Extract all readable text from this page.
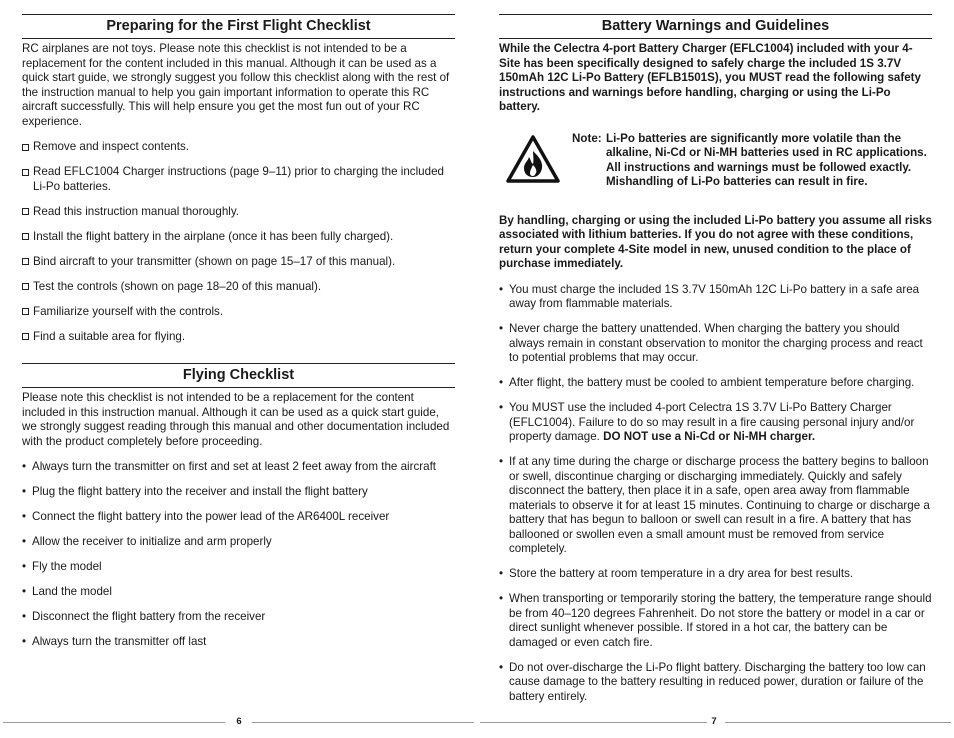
Preparing for the First Flight Checklist

RC airplanes are not toys. Please note this checklist is not intended to be a replacement for the content included in this manual. Although it can be used as a quick start guide, we strongly suggest you follow this checklist along with the rest of the instruction manual to help you gain important information to operate this RC aircraft successfully. This will help ensure you get the most fun out of your RC experience.

Remove and inspect contents.
Read EFLC1004 Charger instructions (page 9–11) prior to charging the included Li-Po batteries.
Read this instruction manual thoroughly.
Install the flight battery in the airplane (once it has been fully charged).
Bind aircraft to your transmitter (shown on page 15–17 of this manual).
Test the controls (shown on page 18–20 of this manual).
Familiarize yourself with the controls.
Find a suitable area for flying.
Flying Checklist

Please note this checklist is not intended to be a replacement for the content included in this instruction manual. Although it can be used as a quick start guide, we strongly suggest reading through this manual and other documentation included with the product completely before proceeding.

• Always turn the transmitter on first and set at least 2 feet away from the aircraft
• Plug the flight battery into the receiver and install the flight battery
• Connect the flight battery into the power lead of the AR6400L receiver
• Allow the receiver to initialize and arm properly
• Fly the model
• Land the model
• Disconnect the flight battery from the receiver
• Always turn the transmitter off last
Battery Warnings and Guidelines

While the Celectra 4-port Battery Charger (EFLC1004) included with your 4-Site has been specifically designed to safely charge the included 1S 3.7V 150mAh 12C Li-Po Battery (EFLB1501S), you MUST read the following safety instructions and warnings before handling, charging or using the Li-Po battery.

Note: Li-Po batteries are significantly more volatile than the alkaline, Ni-Cd or Ni-MH batteries used in RC applications. All instructions and warnings must be followed exactly. Mishandling of Li-Po batteries can result in fire.

By handling, charging or using the included Li-Po battery you assume all risks associated with lithium batteries. If you do not agree with these conditions, return your complete 4-Site model in new, unused condition to the place of purchase immediately.

• You must charge the included 1S 3.7V 150mAh 12C Li-Po battery in a safe area away from flammable materials.
• Never charge the battery unattended. When charging the battery you should always remain in constant observation to monitor the charging process and react to potential problems that may occur.
• After flight, the battery must be cooled to ambient temperature before charging.
• You MUST use the included 4-port Celectra 1S 3.7V Li-Po Battery Charger (EFLC1004). Failure to do so may result in a fire causing personal injury and/or property damage. DO NOT use a Ni-Cd or Ni-MH charger.
• If at any time during the charge or discharge process the battery begins to balloon or swell, discontinue charging or discharging immediately. Quickly and safely disconnect the battery, then place it in a safe, open area away from flammable materials to observe it for at least 15 minutes. Continuing to charge or discharge a battery that has begun to balloon or swell can result in a fire. A battery that has ballooned or swollen even a small amount must be removed from service completely.
• Store the battery at room temperature in a dry area for best results.
• When transporting or temporarily storing the battery, the temperature range should be from 40–120 degrees Fahrenheit. Do not store the battery or model in a car or direct sunlight whenever possible. If stored in a hot car, the battery can be damaged or even catch fire.
• Do not over-discharge the Li-Po flight battery. Discharging the battery too low can cause damage to the battery resulting in reduced power, duration or failure of the battery entirely.
6	7
